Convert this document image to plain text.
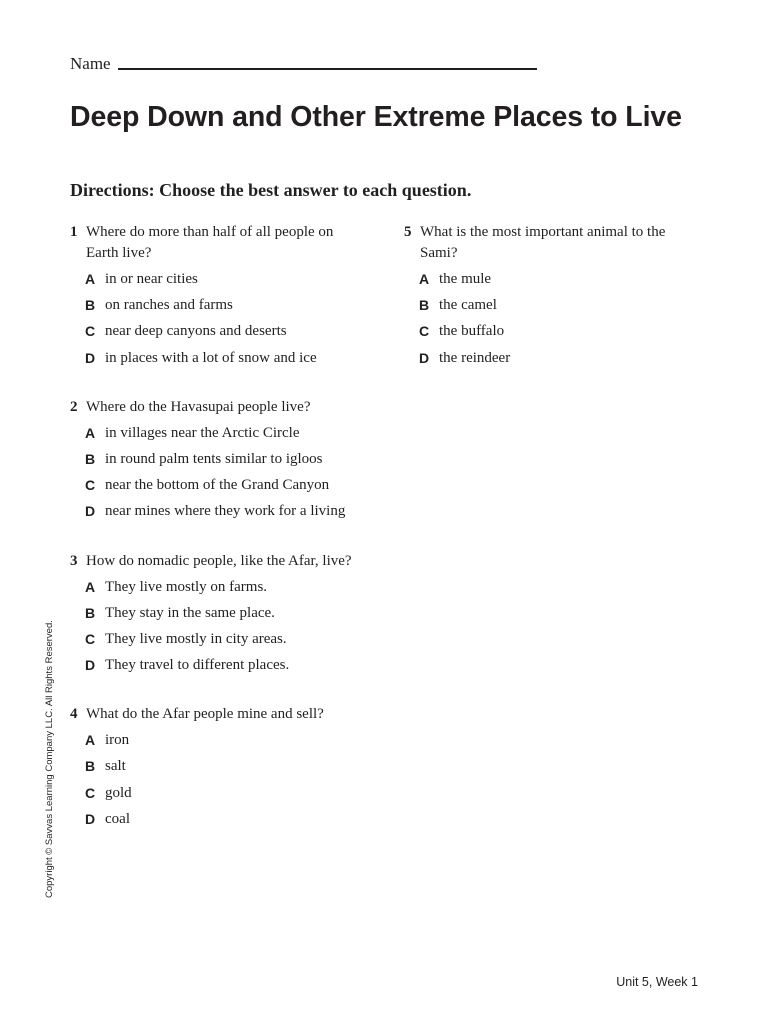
Name
Deep Down and Other Extreme Places to Live

Directions: Choose the best answer to each question.

1 Where do more than half of all people on Earth live?
A in or near cities
B on ranches and farms
C near deep canyons and deserts
D in places with a lot of snow and ice
2 Where do the Havasupai people live?
A in villages near the Arctic Circle
B in round palm tents similar to igloos
C near the bottom of the Grand Canyon
D near mines where they work for a living
3 How do nomadic people, like the Afar, live?
A They live mostly on farms.
B They stay in the same place.
C They live mostly in city areas.
D They travel to different places.
4 What do the Afar people mine and sell?
A iron
B salt
C gold
D coal
5 What is the most important animal to the Sami?
A the mule
B the camel
C the buffalo
D the reindeer
Copyright © Savvas Learning Company LLC. All Rights Reserved.
Unit 5, Week 1
